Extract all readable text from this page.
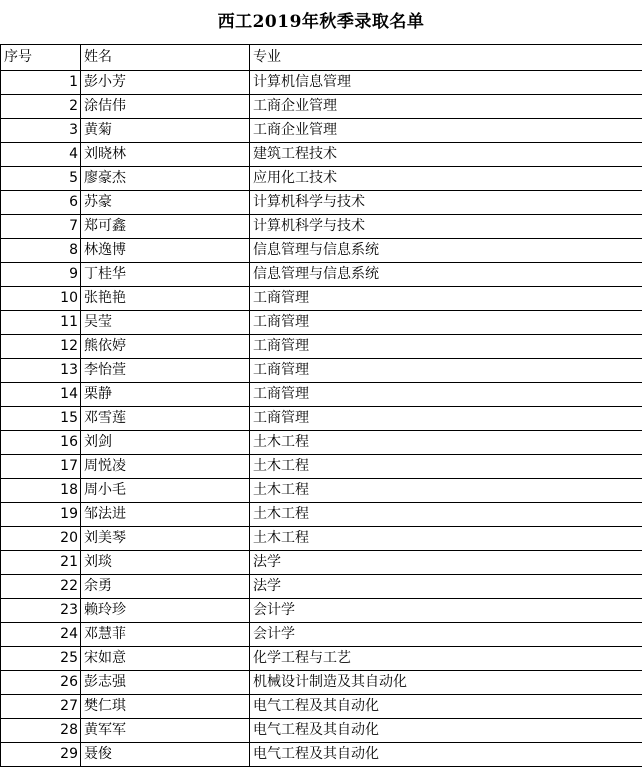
西工2019年秋季录取名单
序号	姓名	专业
1	彭小芳	计算机信息管理
2	涂佶伟	工商企业管理
3	黄菊	工商企业管理
4	刘晓林	建筑工程技术
5	廖豪杰	应用化工技术
6	苏豪	计算机科学与技术
7	郑可鑫	计算机科学与技术
8	林逸博	信息管理与信息系统
9	丁桂华	信息管理与信息系统
10	张艳艳	工商管理
11	吴莹	工商管理
12	熊依婷	工商管理
13	李怡萱	工商管理
14	栗静	工商管理
15	邓雪莲	工商管理
16	刘剑	土木工程
17	周悦凌	土木工程
18	周小毛	土木工程
19	邹法进	土木工程
20	刘美琴	土木工程
21	刘琰	法学
22	余勇	法学
23	赖玲珍	会计学
24	邓慧菲	会计学
25	宋如意	化学工程与工艺
26	彭志强	机械设计制造及其自动化
27	樊仁琪	电气工程及其自动化
28	黄军军	电气工程及其自动化
29	聂俊	电气工程及其自动化
